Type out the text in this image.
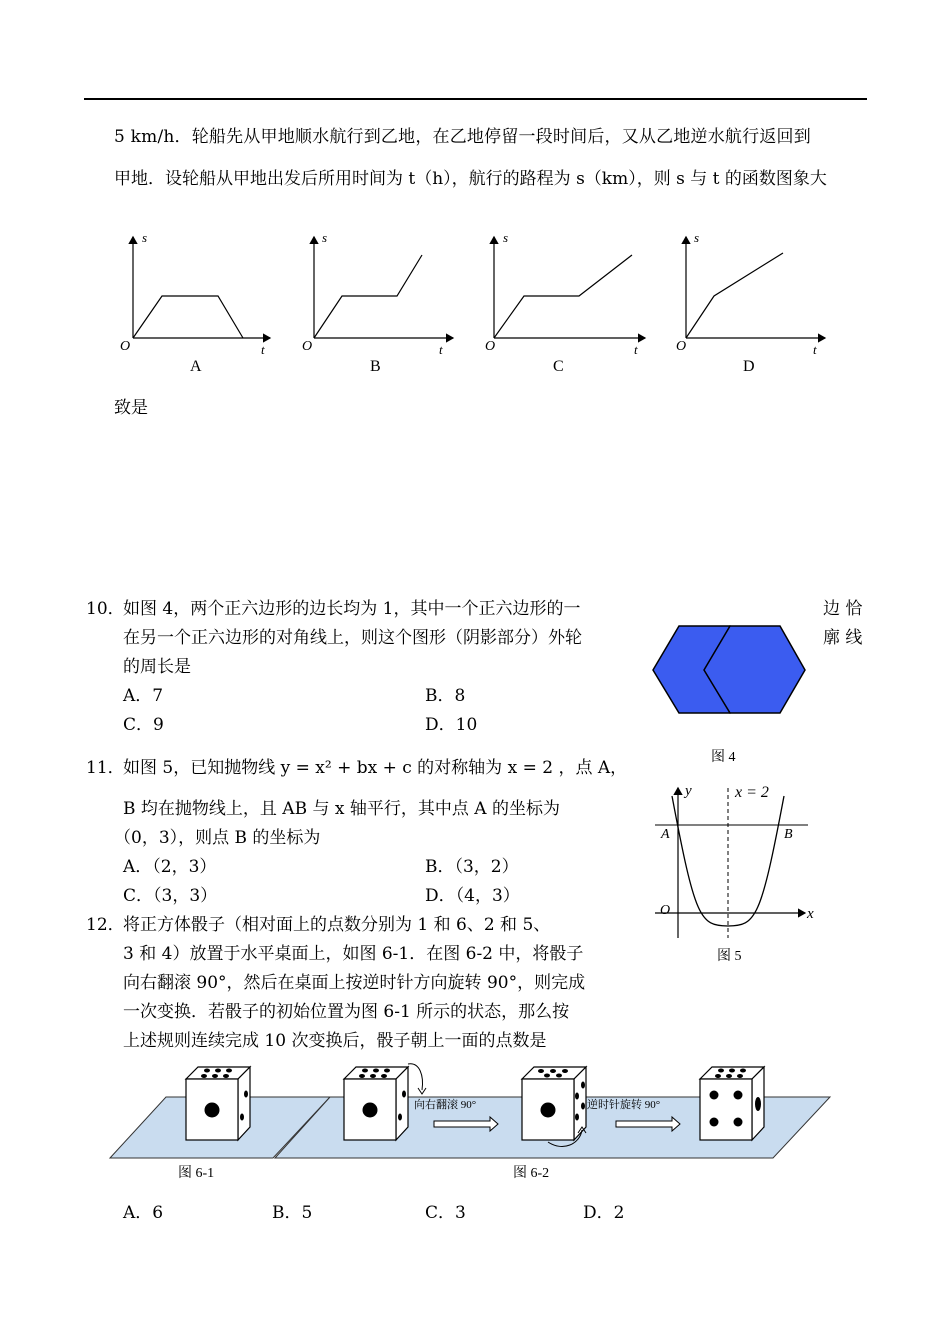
5 km/h．轮船先从甲地顺水航行到乙地，在乙地停留一段时间后，又从乙地逆水航行返回到
甲地．设轮船从甲地出发后所用时间为 t（h），航行的路程为 s（km），则 s 与 t 的函数图象大
s
t
O
A
s
t
O
B
s
t
O
C
s
t
O
D
致是
10．
如图 4，两个正六边形的边长均为 1，其中一个正六边形的一	边 恰
在另一个正六边形的对角线上，则这个图形（阴影部分）外轮	廓 线
的周长是
A．7	B．8
C．9	D．10
图 4
11．
如图 5，已知抛物线 y = x² + bx + c 的对称轴为 x = 2 ，点 A，
B 均在抛物线上，且 AB 与 x 轴平行，其中点 A 的坐标为
（0，3），则点 B 的坐标为
A．（2，3）	B．（3，2）
C．（3，3）	D．（4，3）
y	x = 2
A	B
O	x
图 5
12．
将正方体骰子（相对面上的点数分别为 1 和 6、2 和 5、
3 和 4）放置于水平桌面上，如图 6-1．在图 6-2 中，将骰子
向右翻滚 90°，然后在桌面上按逆时针方向旋转 90°，则完成
一次变换．若骰子的初始位置为图 6-1 所示的状态，那么按
上述规则连续完成 10 次变换后，骰子朝上一面的点数是
向右翻滚 90°	逆时针旋转 90°
图 6-1	图 6-2
A．6	B．5	C．3	D．2
